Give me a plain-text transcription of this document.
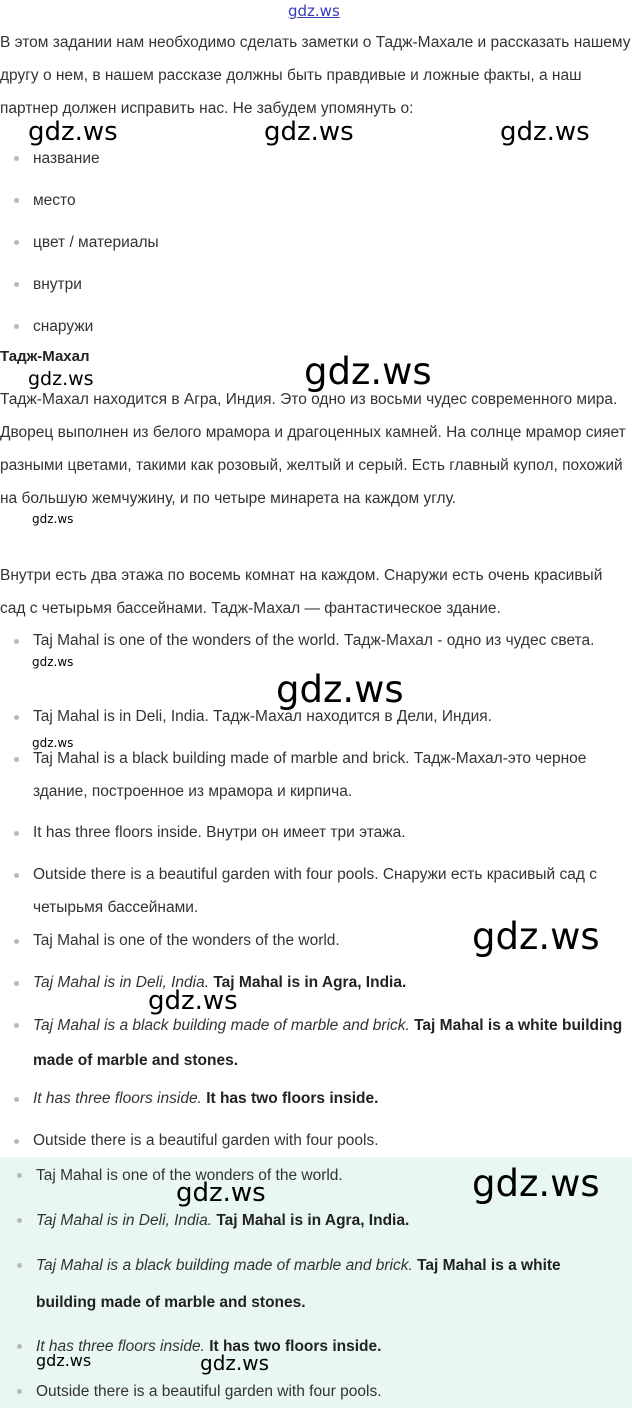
gdz.ws
В этом задании нам необходимо сделать заметки о Тадж-Махале и рассказать нашему другу о нем, в нашем рассказе должны быть правдивые и ложные факты, а наш партнер должен исправить нас. Не забудем упомянуть о:
название
место
цвет / материалы
внутри
снаружи
Тадж-Махал
Тадж-Махал находится в Агра, Индия. Это одно из восьми чудес современного мира. Дворец выполнен из белого мрамора и драгоценных камней. На солнце мрамор сияет разными цветами, такими как розовый, желтый и серый. Есть главный купол, похожий на большую жемчужину, и по четыре минарета на каждом углу.
Внутри есть два этажа по восемь комнат на каждом. Снаружи есть очень красивый сад с четырьмя бассейнами. Тадж-Махал — фантастическое здание.
Taj Mahal is one of the wonders of the world. Тадж-Махал - одно из чудес света.
Taj Mahal is in Deli, India. Тадж-Махал находится в Дели, Индия.
Taj Mahal is a black building made of marble and brick. Тадж-Махал-это черное здание, построенное из мрамора и кирпича.
It has three floors inside. Внутри он имеет три этажа.
Outside there is a beautiful garden with four pools. Снаружи есть красивый сад с четырьмя бассейнами.
Taj Mahal is one of the wonders of the world.
Taj Mahal is in Deli, India. Taj Mahal is in Agra, India.
Taj Mahal is a black building made of marble and brick. Taj Mahal is a white building made of marble and stones.
It has three floors inside. It has two floors inside.
Outside there is a beautiful garden with four pools.
Taj Mahal is one of the wonders of the world.
Taj Mahal is in Deli, India. Taj Mahal is in Agra, India.
Taj Mahal is a black building made of marble and brick. Taj Mahal is a white building made of marble and stones.
It has three floors inside. It has two floors inside.
Outside there is a beautiful garden with four pools.
gdz.ws	gdz.ws	gdz.ws
gdz.ws
gdz.ws
gdz.ws
gdz.ws
gdz.ws
gdz.ws
gdz.ws
gdz.ws
gdz.ws
gdz.ws
gdz.ws	gdz.ws
